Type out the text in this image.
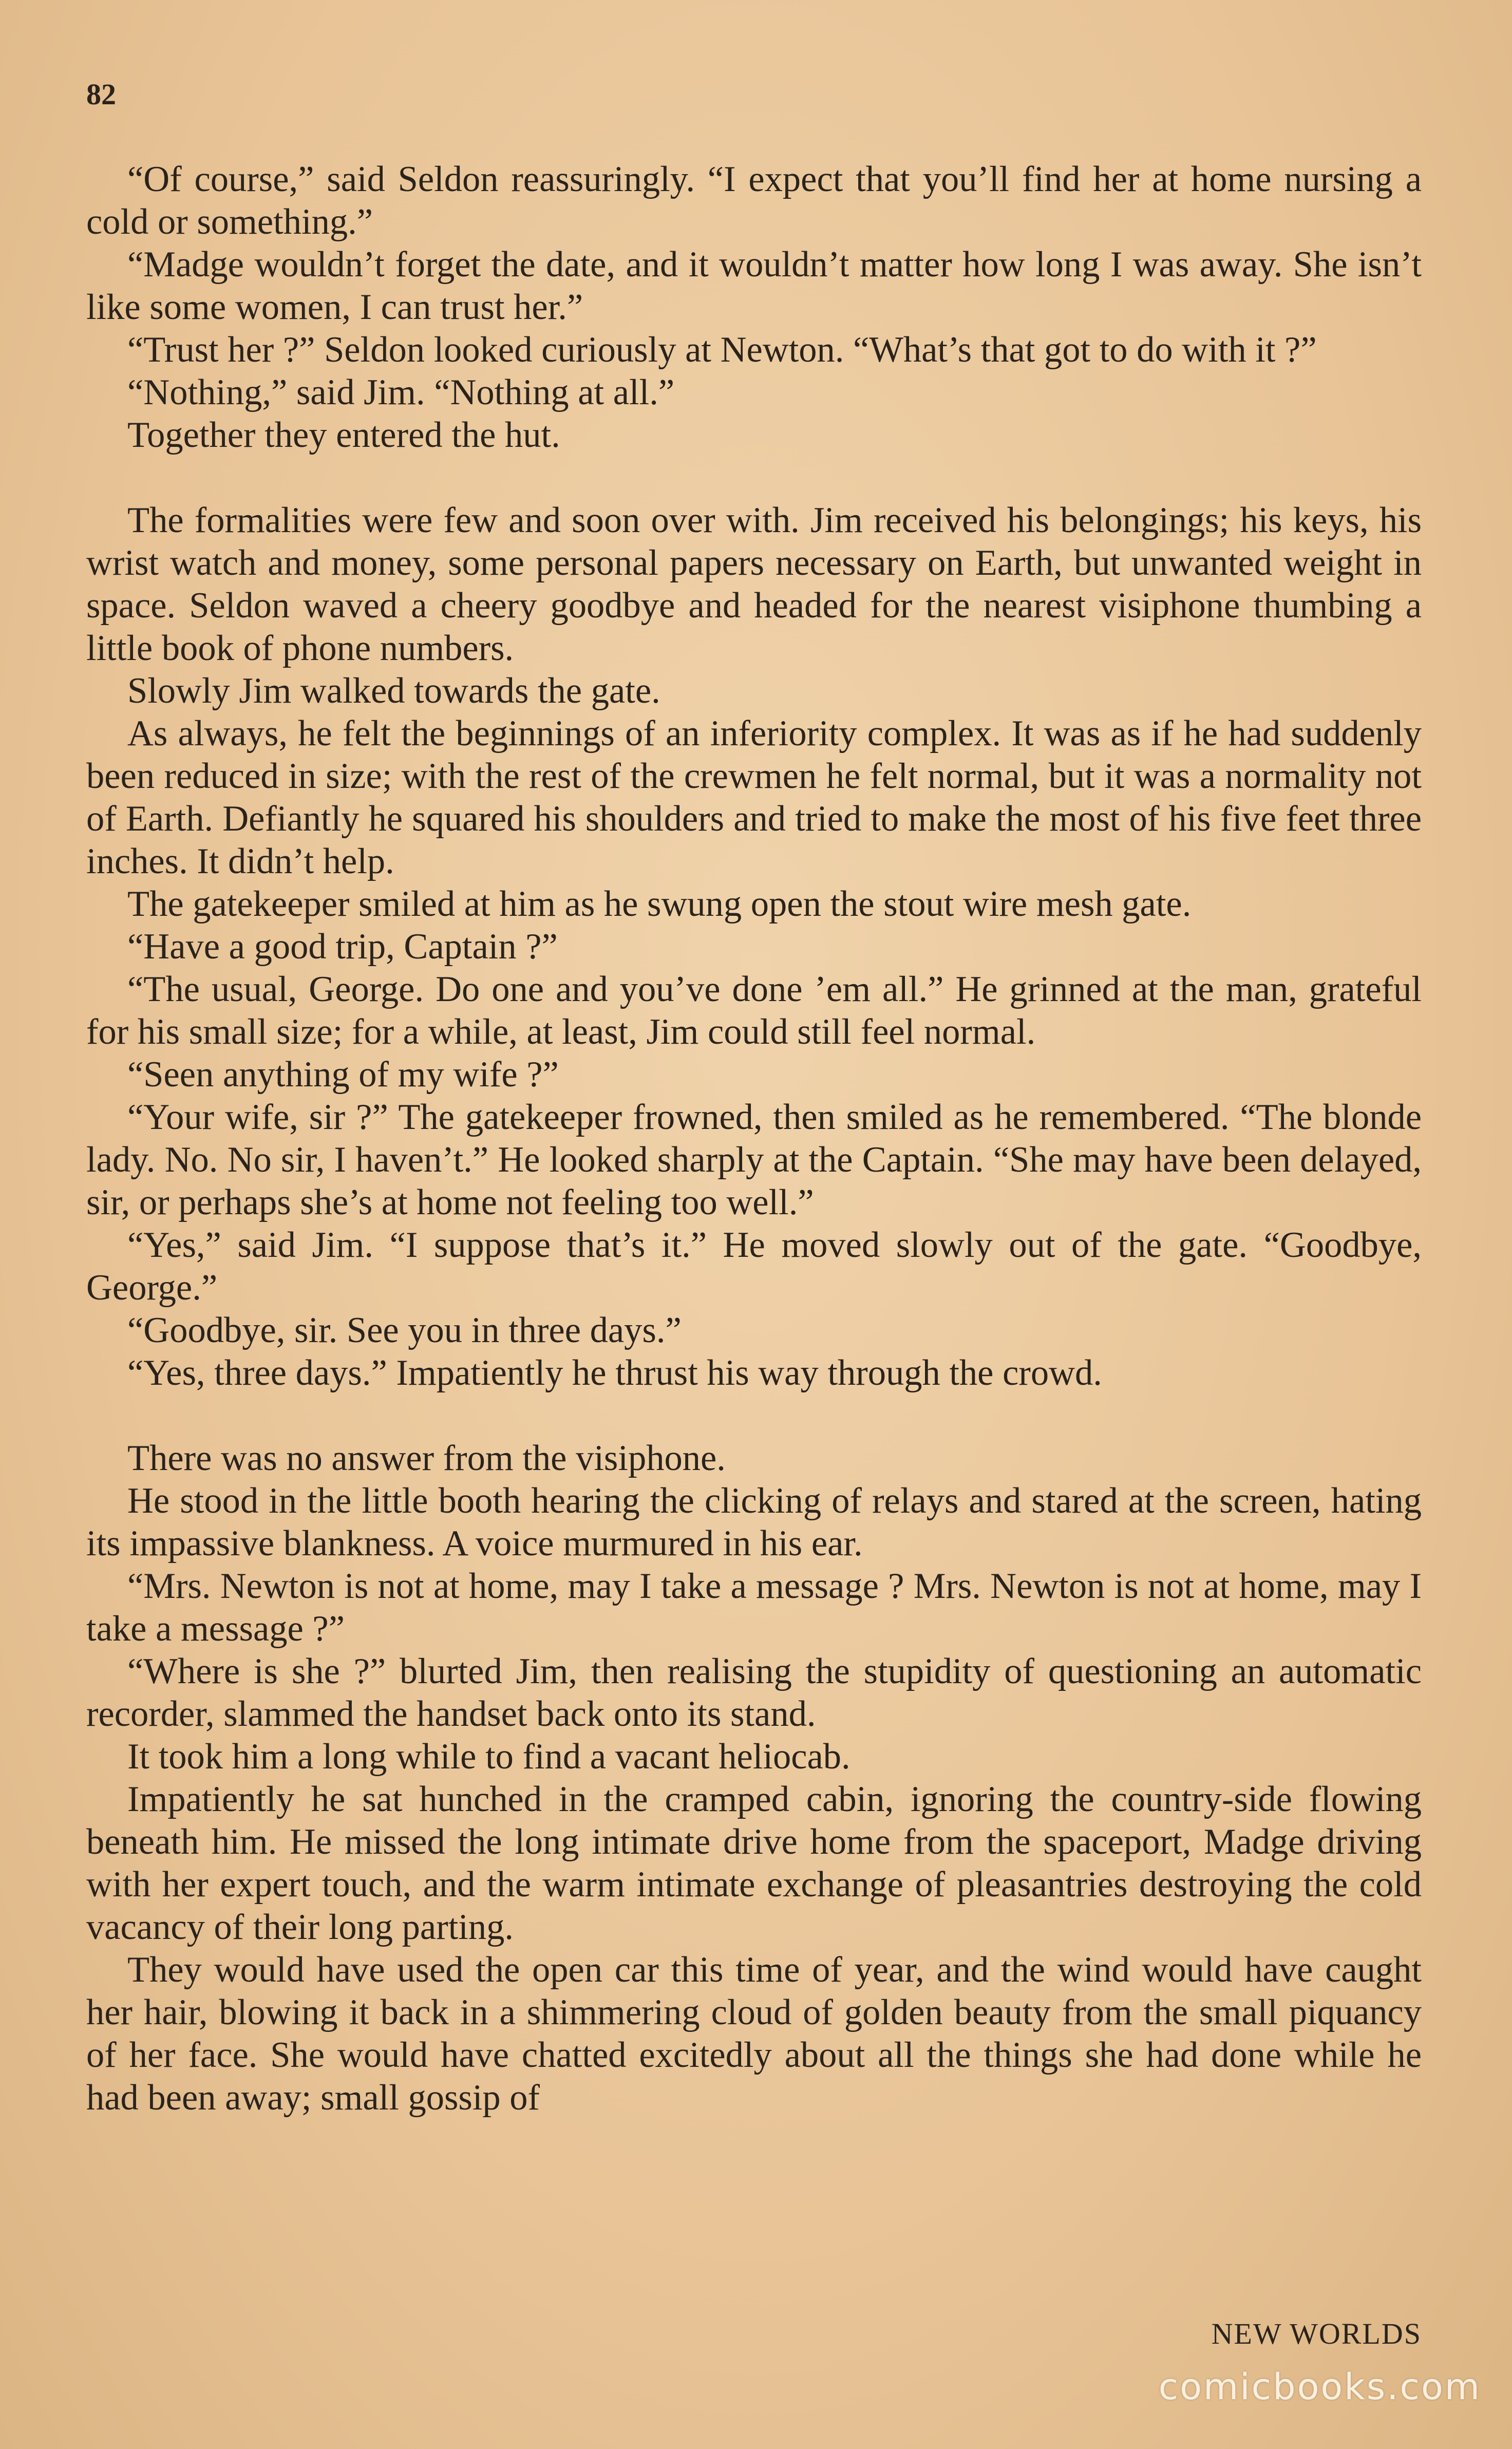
82

“Of course,” said Seldon reassuringly. “I expect that you’ll find her at home nursing a cold or something.”

“Madge wouldn’t forget the date, and it wouldn’t matter how long I was away. She isn’t like some women, I can trust her.”

“Trust her ?” Seldon looked curiously at Newton. “What’s that got to do with it ?”

“Nothing,” said Jim. “Nothing at all.”

Together they entered the hut.

The formalities were few and soon over with. Jim received his belongings; his keys, his wrist watch and money, some personal papers necessary on Earth, but unwanted weight in space. Seldon waved a cheery goodbye and headed for the nearest visiphone thumbing a little book of phone numbers.

Slowly Jim walked towards the gate.

As always, he felt the beginnings of an inferiority complex. It was as if he had suddenly been reduced in size; with the rest of the crewmen he felt normal, but it was a normality not of Earth. Defiantly he squared his shoulders and tried to make the most of his five feet three inches. It didn’t help.

The gatekeeper smiled at him as he swung open the stout wire mesh gate.

“Have a good trip, Captain ?”

“The usual, George. Do one and you’ve done ’em all.” He grinned at the man, grateful for his small size; for a while, at least, Jim could still feel normal.

“Seen anything of my wife ?”

“Your wife, sir ?” The gatekeeper frowned, then smiled as he remembered. “The blonde lady. No. No sir, I haven’t.” He looked sharply at the Captain. “She may have been delayed, sir, or perhaps she’s at home not feeling too well.”

“Yes,” said Jim. “I suppose that’s it.” He moved slowly out of the gate. “Goodbye, George.”

“Goodbye, sir. See you in three days.”

“Yes, three days.” Impatiently he thrust his way through the crowd.

There was no answer from the visiphone.

He stood in the little booth hearing the clicking of relays and stared at the screen, hating its impassive blankness. A voice murmured in his ear.

“Mrs. Newton is not at home, may I take a message ? Mrs. Newton is not at home, may I take a message ?”

“Where is she ?” blurted Jim, then realising the stupidity of questioning an automatic recorder, slammed the handset back onto its stand.

It took him a long while to find a vacant heliocab.

Impatiently he sat hunched in the cramped cabin, ignoring the country-side flowing beneath him. He missed the long intimate drive home from the spaceport, Madge driving with her expert touch, and the warm intimate exchange of pleasantries destroying the cold vacancy of their long parting.

They would have used the open car this time of year, and the wind would have caught her hair, blowing it back in a shimmering cloud of golden beauty from the small piquancy of her face. She would have chatted excitedly about all the things she had done while he had been away; small gossip of

NEW WORLDS
comicbooks.com
